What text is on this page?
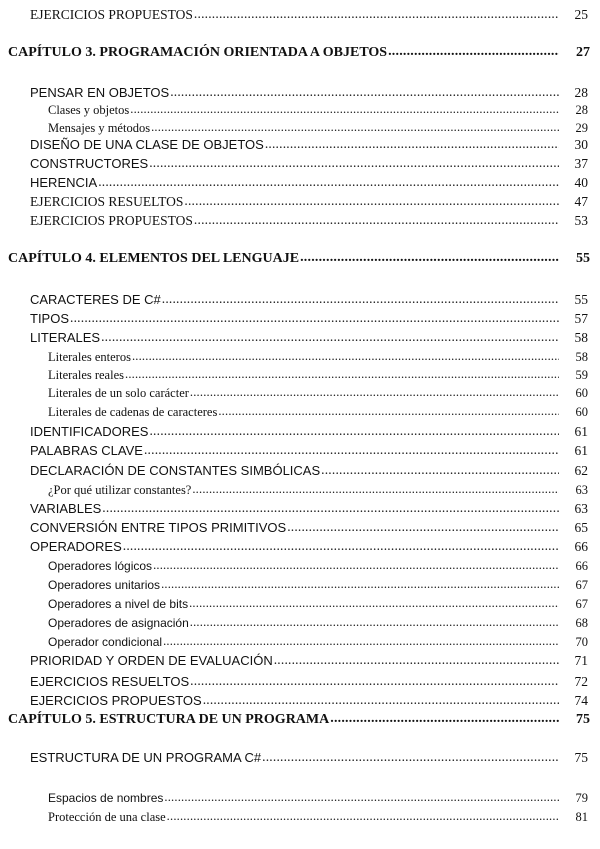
EJERCICIOS PROPUESTOS .....	25
CAPÍTULO 3. PROGRAMACIÓN ORIENTADA A OBJETOS .....	27
PENSAR EN OBJETOS .....	28
Clases y objetos .....	28
Mensajes y métodos .....	29
DISEÑO DE UNA CLASE DE OBJETOS .....	30
CONSTRUCTORES .....	37
HERENCIA .....	40
EJERCICIOS RESUELTOS .....	47
EJERCICIOS PROPUESTOS .....	53
CAPÍTULO 4. ELEMENTOS DEL LENGUAJE .....	55
CARACTERES DE C# .....	55
TIPOS .....	57
LITERALES .....	58
Literales enteros .....	58
Literales reales .....	59
Literales de un solo carácter .....	60
Literales de cadenas de caracteres .....	60
IDENTIFICADORES .....	61
PALABRAS CLAVE .....	61
DECLARACIÓN DE CONSTANTES SIMBÓLICAS .....	62
¿Por qué utilizar constantes? .....	63
VARIABLES .....	63
CONVERSIÓN ENTRE TIPOS PRIMITIVOS .....	65
OPERADORES .....	66
Operadores lógicos .....	66
Operadores unitarios .....	67
Operadores a nivel de bits .....	67
Operadores de asignación .....	68
Operador condicional .....	70
PRIORIDAD Y ORDEN DE EVALUACIÓN .....	71
EJERCICIOS RESUELTOS .....	72
EJERCICIOS PROPUESTOS .....	74
CAPÍTULO 5. ESTRUCTURA DE UN PROGRAMA .....	75
ESTRUCTURA DE UN PROGRAMA C# .....	75
Espacios de nombres .....	79
Protección de una clase .....	81
